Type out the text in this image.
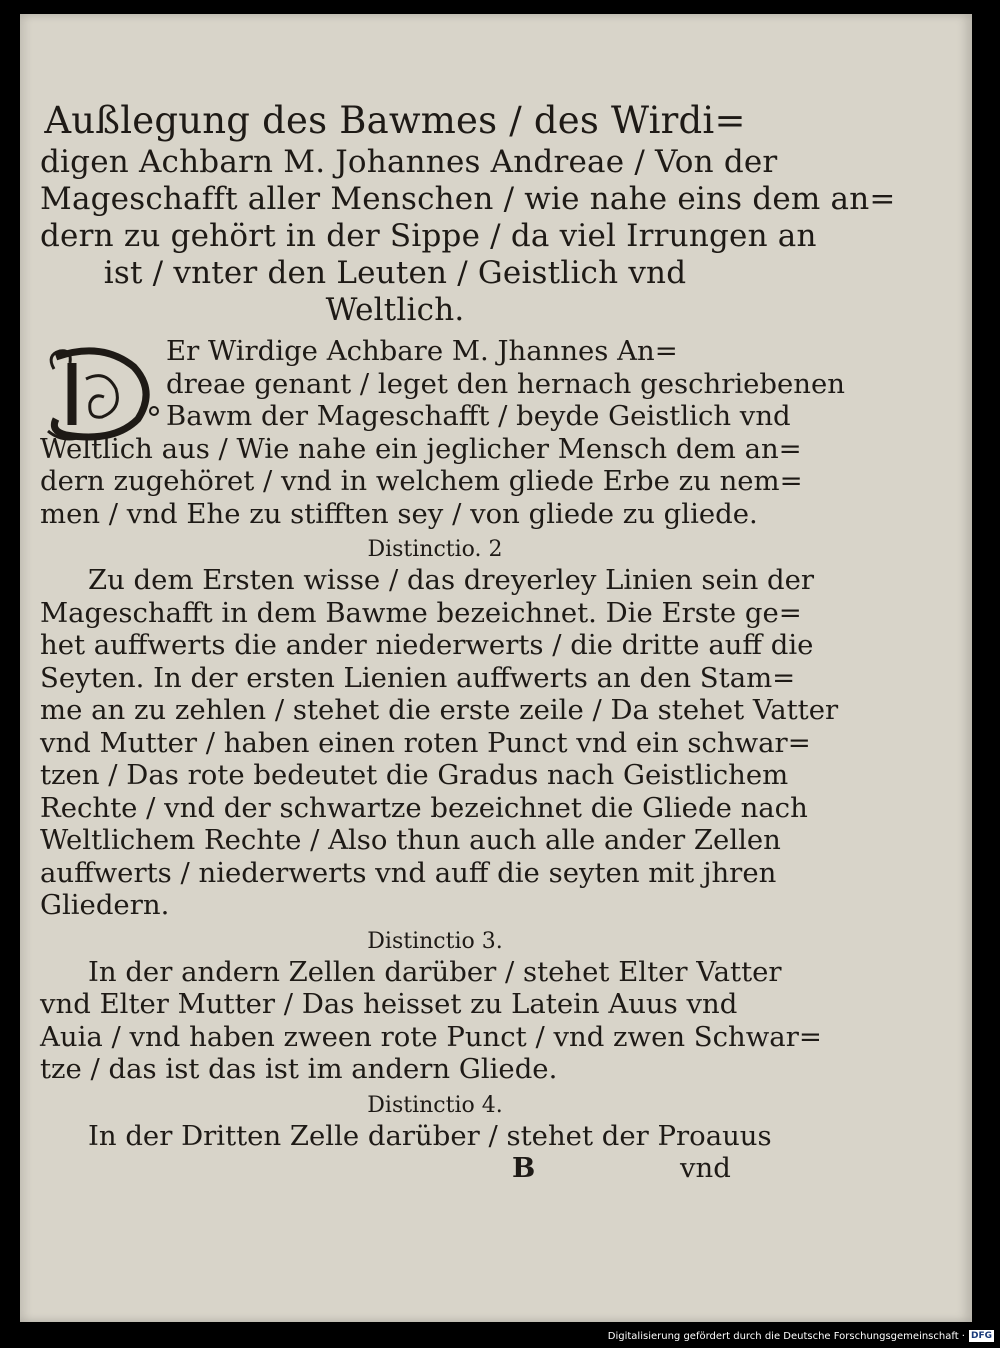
Außlegung des Bawmes / des Wirdi=
digen Achbarn M. Johannes Andreae / Von der
Mageschafft aller Menschen / wie nahe eins dem an=
dern zu gehört in der Sippe / da viel Irrungen an
ist / vnter den Leuten / Geistlich vnd
Weltlich.
Er Wirdige Achbare M. Jhannes An=
dreae genant / leget den hernach geschriebenen
Bawm der Mageschafft / beyde Geistlich vnd
Weltlich aus / Wie nahe ein jeglicher Mensch dem an=
dern zugehöret / vnd in welchem gliede Erbe zu nem=
men / vnd Ehe zu stifften sey / von gliede zu gliede.
Distinctio. 2
Zu dem Ersten wisse / das dreyerley Linien sein der
Mageschafft in dem Bawme bezeichnet. Die Erste ge=
het auffwerts die ander niederwerts / die dritte auff die
Seyten. In der ersten Lienien auffwerts an den Stam=
me an zu zehlen / stehet die erste zeile / Da stehet Vatter
vnd Mutter / haben einen roten Punct vnd ein schwar=
tzen / Das rote bedeutet die Gradus nach Geistlichem
Rechte / vnd der schwartze bezeichnet die Gliede nach
Weltlichem Rechte / Also thun auch alle ander Zellen
auffwerts / niederwerts vnd auff die seyten mit jhren
Gliedern.
Distinctio 3.
In der andern Zellen darüber / stehet Elter Vatter
vnd Elter Mutter / Das heisset zu Latein Auus vnd
Auia / vnd haben zween rote Punct / vnd zwen Schwar=
tze / das ist das ist im andern Gliede.
Distinctio 4.
In der Dritten Zelle darüber / stehet der Proauus
B	vnd
Digitalisierung gefördert durch die Deutsche Forschungsgemeinschaft · DFG
